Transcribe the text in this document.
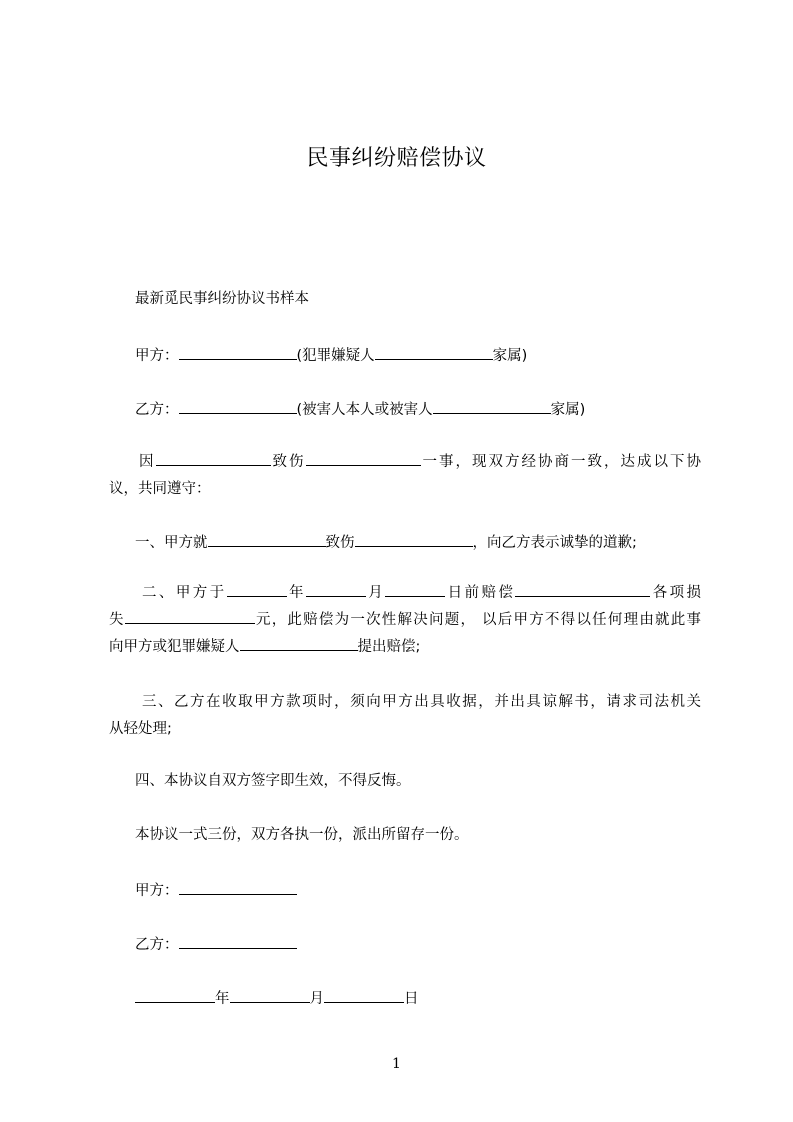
民事纠纷赔偿协议
最新觅民事纠纷协议书样本
甲方：	(犯罪嫌疑人	家属)
乙方：	(被害人本人或被害人	家属)
因	致伤	一事，现双方经协商一致，达成以下协
议，共同遵守：
一、甲方就	致伤	，向乙方表示诚挚的道歉;
二、甲方于	年	月	日前赔偿	各项损
失	元，此赔偿为一次性解决问题， 以后甲方不得以任何理由就此事
向甲方或犯罪嫌疑人	提出赔偿;
三、乙方在收取甲方款项时，须向甲方出具收据，并出具谅解书，请求司法机关
从轻处理;
四、本协议自双方签字即生效，不得反悔。
本协议一式三份，双方各执一份，派出所留存一份。
甲方：
乙方：
年	月	日
1
